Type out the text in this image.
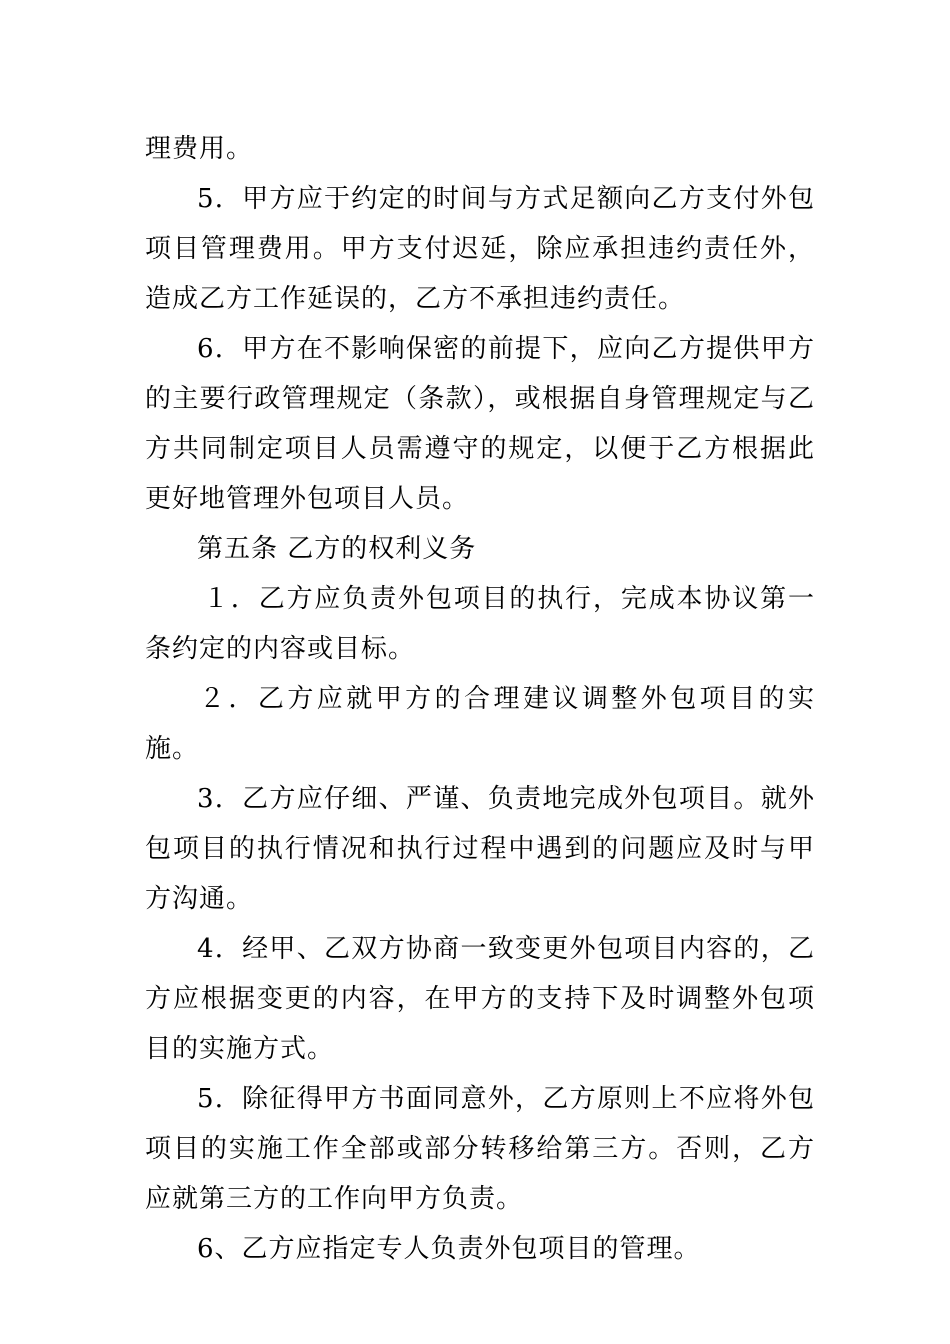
理费用。

5．甲方应于约定的时间与方式足额向乙方支付外包项目管理费用。甲方支付迟延，除应承担违约责任外，造成乙方工作延误的，乙方不承担违约责任。

6．甲方在不影响保密的前提下，应向乙方提供甲方的主要行政管理规定（条款），或根据自身管理规定与乙方共同制定项目人员需遵守的规定，以便于乙方根据此更好地管理外包项目人员。

第五条 乙方的权利义务

１．乙方应负责外包项目的执行，完成本协议第一条约定的内容或目标。

２．乙方应就甲方的合理建议调整外包项目的实施。

3．乙方应仔细、严谨、负责地完成外包项目。就外包项目的执行情况和执行过程中遇到的问题应及时与甲方沟通。

4．经甲、乙双方协商一致变更外包项目内容的，乙方应根据变更的内容，在甲方的支持下及时调整外包项目的实施方式。

5．除征得甲方书面同意外，乙方原则上不应将外包项目的实施工作全部或部分转移给第三方。否则，乙方应就第三方的工作向甲方负责。

6、乙方应指定专人负责外包项目的管理。
